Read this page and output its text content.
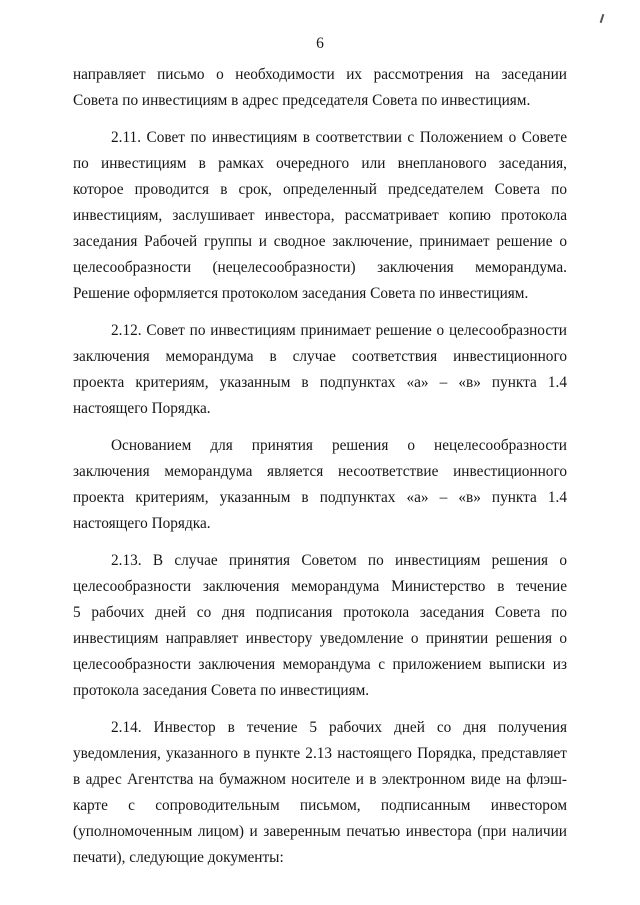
6
направляет письмо о необходимости их рассмотрения на заседании
Совета по инвестициям в адрес председателя Совета по инвестициям.
2.11. Совет по инвестициям в соответствии с Положением о Совете
по инвестициям в рамках очередного или внепланового заседания,
которое проводится в срок, определенный председателем Совета по
инвестициям, заслушивает инвестора, рассматривает копию протокола
заседания Рабочей группы и сводное заключение, принимает решение о
целесообразности (нецелесообразности) заключения меморандума.
Решение оформляется протоколом заседания Совета по инвестициям.
2.12. Совет по инвестициям принимает решение о целесообразности
заключения меморандума в случае соответствия инвестиционного
проекта критериям, указанным в подпунктах «а» – «в» пункта 1.4
настоящего Порядка.
Основанием для принятия решения о нецелесообразности
заключения меморандума является несоответствие инвестиционного
проекта критериям, указанным в подпунктах «а» – «в» пункта 1.4
настоящего Порядка.
2.13. В случае принятия Советом по инвестициям решения о
целесообразности заключения меморандума Министерство в течение
5 рабочих дней со дня подписания протокола заседания Совета по
инвестициям направляет инвестору уведомление о принятии решения о
целесообразности заключения меморандума с приложением выписки из
протокола заседания Совета по инвестициям.
2.14. Инвестор в течение 5 рабочих дней со дня получения
уведомления, указанного в пункте 2.13 настоящего Порядка, представляет
в адрес Агентства на бумажном носителе и в электронном виде на флэш-
карте с сопроводительным письмом, подписанным инвестором
(уполномоченным лицом) и заверенным печатью инвестора (при наличии
печати), следующие документы:
